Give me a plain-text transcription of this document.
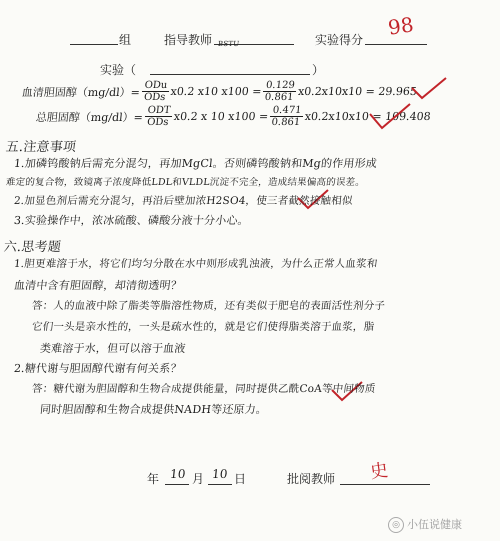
组	指导教师 BSTU	实验得分
98
实验（	）
血清胆固醇$(mg/dl)= \frac{\text{ODu}}{\text{ODs}} x0.2$ x10 $x100 = \frac{0.129}{0.861} x0.2x10x10 = 29.965$
总胆固醇$(mg/dl)= \frac{\text{ODT}}{\text{ODs}} x0.2$ x 10 $x100 = \frac{0.471}{0.861} x0.2x10x10 = 109.408$
五.注意事项
1.加磷钨酸钠后需充分混匀，再加MgCl。否则磷钨酸钠和Mg的作用形成
难定的复合物，致镜离子浓度降低LDL和VLDL沉淀不完全，造成结果偏高的误差。
2.加显色剂后需充分混匀，再沿后壁加浓H2SO4，使三者截然接触相似
3.实验操作中，浓冰硫酸、磷酸分液十分小心。
六.思考题
1.胆更难溶于水，将它们均匀分散在水中则形成乳浊液，为什么正常人血浆和
血清中含有胆固醇，却清彻透明？
答：人的血液中除了脂类等脂溶性物质，还有类似于肥皂的表面活性剂分子
它们一头是亲水性的，一头是疏水性的，就是它们使得脂类溶于血浆，脂
类难溶于水，但可以溶于血液
2.糖代谢与胆固醇代谢有何关系？
答：糖代谢为胆固醇和生物合成提供能量，同时提供乙酰CoA等中间物质
同时胆固醇和生物合成提供NADH等还原力。
年 10 月 10 日	批阅教师 史
◎ 小伍说健康
